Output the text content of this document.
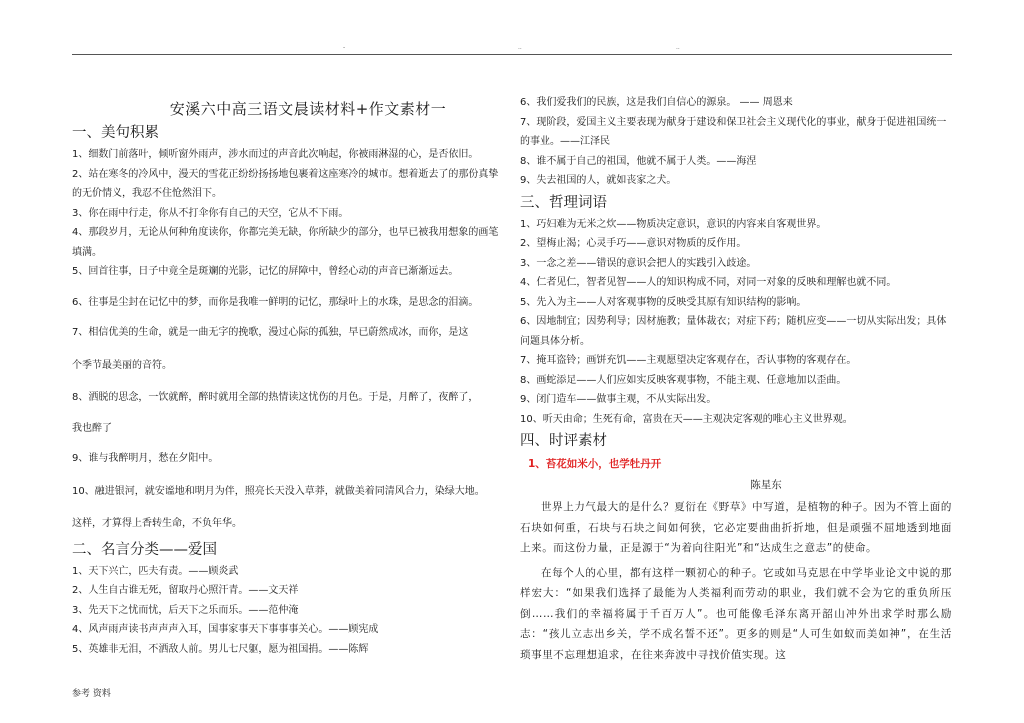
-	..	..
安溪六中高三语文晨读材料+作文素材一
一、美句积累

1、细数门前落叶，倾听窗外雨声，涉水而过的声音此次响起，你被雨淋湿的心，是否依旧。

2、站在寒冬的冷风中，漫天的雪花正纷纷扬扬地包裹着这座寒冷的城市。想着逝去了的那份真挚的无价情义，我忍不住怆然泪下。

3、你在雨中行走，你从不打伞你有自己的天空，它从不下雨。

4、那段岁月，无论从何种角度读你，你都完美无缺，你所缺少的部分，也早已被我用想象的画笔填满。

5、回首往事，日子中竟全是斑斓的光影，记忆的屏障中，曾经心动的声音已渐渐远去。

6、往事是尘封在记忆中的梦，而你是我唯一鲜明的记忆，那绿叶上的水珠，是思念的泪滴。

7、相信优美的生命，就是一曲无字的挽歌，漫过心际的孤独，早已蔚然成冰，而你，是这

个季节最美丽的音符。

8、洒脱的思念，一饮就醉，醉时就用全部的热情读这忧伤的月色。于是，月醉了，夜醉了，

我也醉了

9、谁与我醉明月，愁在夕阳中。

10、融进银河，就安谧地和明月为伴，照亮长天没入草莽，就做美着同清风合力，染绿大地。

这样，才算得上香转生命，不负年华。

二、名言分类——爱国

1、天下兴亡，匹夫有责。——顾炎武

2、人生自古谁无死，留取丹心照汗青。——文天祥

3、先天下之忧而忧，后天下之乐而乐。——范仲淹

4、风声雨声读书声声声入耳，国事家事天下事事事关心。——顾宪成

5、英雄非无泪，不洒敌人前。男儿七尺躯，愿为祖国捐。——陈辉

6、我们爱我们的民族，这是我们自信心的源泉。 —— 周恩来

7、现阶段，爱国主义主要表现为献身于建设和保卫社会主义现代化的事业，献身于促进祖国统一的事业。——江泽民

8、谁不属于自己的祖国，他就不属于人类。——海涅

9、失去祖国的人，就如丧家之犬。

三、哲理词语

1、巧妇难为无米之炊——物质决定意识，意识的内容来自客观世界。

2、望梅止渴；心灵手巧——意识对物质的反作用。

3、一念之差——错误的意识会把人的实践引入歧途。

4、仁者见仁，智者见智——人的知识构成不同，对同一对象的反映和理解也就不同。

5、先入为主——人对客观事物的反映受其原有知识结构的影响。

6、因地制宜；因势利导；因材施教；量体裁衣；对症下药；随机应变——一切从实际出发；具体问题具体分析。

7、掩耳盗铃；画饼充饥——主观愿望决定客观存在，否认事物的客观存在。

8、画蛇添足——人们应如实反映客观事物，不能主观、任意地加以歪曲。

9、闭门造车——做事主观，不从实际出发。

10、听天由命；生死有命，富贵在天——主观决定客观的唯心主义世界观。

四、时评素材
1、苔花如米小，也学牡丹开
陈星东

世界上力气最大的是什么？夏衍在《野草》中写道，是植物的种子。因为不管上面的石块如何重，石块与石块之间如何狭，它必定要曲曲折折地，但是顽强不屈地透到地面上来。而这份力量，正是源于“为着向往阳光”和“达成生之意志”的使命。

在每个人的心里，都有这样一颗初心的种子。它或如马克思在中学毕业论文中说的那样宏大：“如果我们选择了最能为人类福利而劳动的职业，我们就不会为它的重负所压倒……我们的幸福将属于千百万人”。也可能像毛泽东离开韶山冲外出求学时那么励志：“孩儿立志出乡关，学不成名誓不还”。更多的则是“人可生如蚁而美如神”，在生活琐事里不忘理想追求，在往来奔波中寻找价值实现。这

参考 资料
